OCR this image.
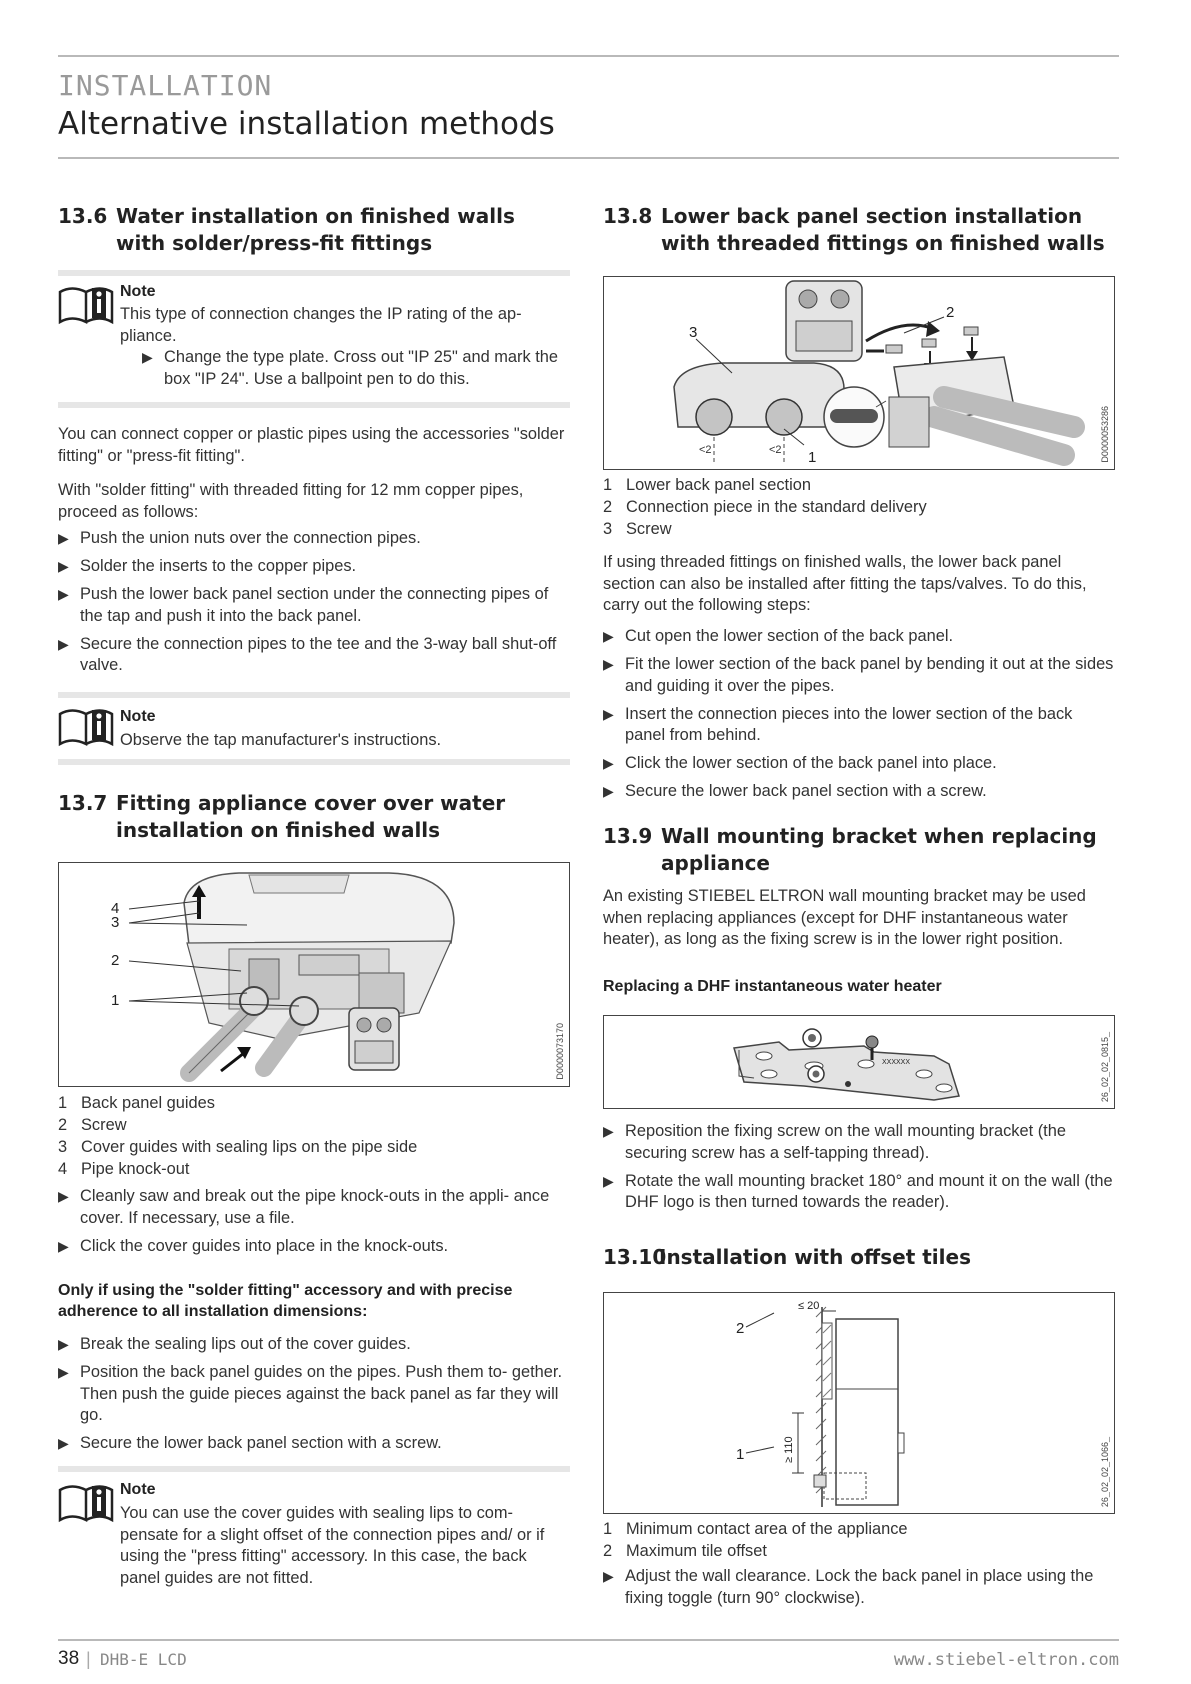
INSTALLATION
Alternative installation methods
13.6 Water installation on finished walls with solder/press-fit fittings
Note

This type of connection changes the IP rating of the ap- pliance.

▶ Change the type plate. Cross out "IP 25" and mark the box "IP 24". Use a ballpoint pen to do this.

You can connect copper or plastic pipes using the accessories "solder fitting" or "press-fit fitting".

With "solder fitting" with threaded fitting for 12 mm copper pipes, proceed as follows:

▶ Push the union nuts over the connection pipes.
▶ Solder the inserts to the copper pipes.
▶ Push the lower back panel section under the connecting pipes of the tap and push it into the back panel.
▶ Secure the connection pipes to the tee and the 3-way ball shut-off valve.
Note

Observe the tap manufacturer's instructions.

13.7 Fitting appliance cover over water installation on finished walls
4
3
2
1
D0000073170
1 Back panel guides
2 Screw
3 Cover guides with sealing lips on the pipe side
4 Pipe knock-out
▶ Cleanly saw and break out the pipe knock-outs in the appli- ance cover. If necessary, use a file.
▶ Click the cover guides into place in the knock-outs.

Only if using the "solder fitting" accessory and with precise adherence to all installation dimensions:

▶ Break the sealing lips out of the cover guides.
▶ Position the back panel guides on the pipes. Push them to- gether. Then push the guide pieces against the back panel as far they will go.
▶ Secure the lower back panel section with a screw.
Note

You can use the cover guides with sealing lips to com- pensate for a slight offset of the connection pipes and/ or if using the "press fitting" accessory. In this case, the back panel guides are not fitted.

13.8 Lower back panel section installation with threaded fittings on finished walls
<2	<2
3
2
1	D0000053286
1 Lower back panel section
2 Connection piece in the standard delivery
3 Screw

If using threaded fittings on finished walls, the lower back panel section can also be installed after fitting the taps/valves. To do this, carry out the following steps:

▶ Cut open the lower section of the back panel.
▶ Fit the lower section of the back panel by bending it out at the sides and guiding it over the pipes.
▶ Insert the connection pieces into the lower section of the back panel from behind.
▶ Click the lower section of the back panel into place.
▶ Secure the lower back panel section with a screw.
13.9 Wall mounting bracket when replacing appliance

An existing STIEBEL ELTRON wall mounting bracket may be used when replacing appliances (except for DHF instantaneous water heater), as long as the fixing screw is in the lower right position.

Replacing a DHF instantaneous water heater

XXXXXX	26_02_02_0815_
▶ Reposition the fixing screw on the wall mounting bracket (the securing screw has a self-tapping thread).
▶ Rotate the wall mounting bracket 180° and mount it on the wall (the DHF logo is then turned towards the reader).
13.10Installation with offset tiles
≤ 20
≥ 110
2
1	26_02_02_1066_
1 Minimum contact area of the appliance
2 Maximum tile offset
▶ Adjust the wall clearance. Lock the back panel in place using the fixing toggle (turn 90° clockwise).
38 | DHB-E LCD	www.stiebel-eltron.com
